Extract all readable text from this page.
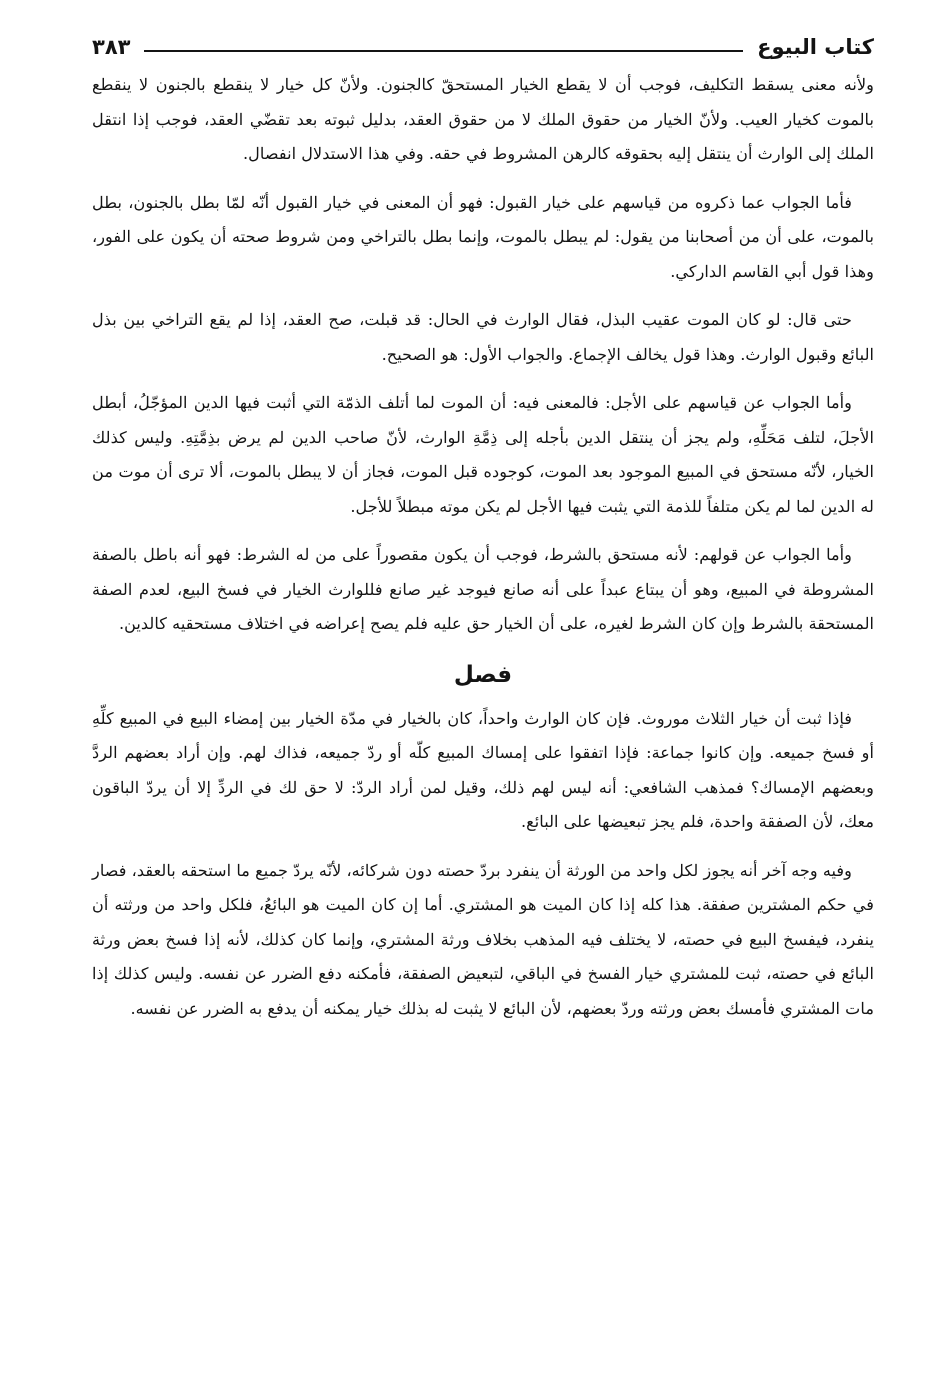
كتاب البيوع
٣٨٣

ولأنه معنى يسقط التكليف، فوجب أن لا يقطع الخيار المستحقّ كالجنون. ولأنّ كل خيار لا ينقطع بالجنون لا ينقطع بالموت كخيار العيب. ولأنّ الخيار من حقوق الملك لا من حقوق العقد، بدليل ثبوته بعد تقضّي العقد، فوجب إذا انتقل الملك إلى الوارث أن ينتقل إليه بحقوقه كالرهن المشروط في حقه. وفي هذا الاستدلال انفصال.

فأما الجواب عما ذكروه من قياسهم على خيار القبول: فهو أن المعنى في خيار القبول أنّه لمّا بطل بالجنون، بطل بالموت، على أن من أصحابنا من يقول: لم يبطل بالموت، وإنما بطل بالتراخي ومن شروط صحته أن يكون على الفور، وهذا قول أبي القاسم الداركي.

حتى قال: لو كان الموت عقيب البذل، فقال الوارث في الحال: قد قبلت، صح العقد، إذا لم يقع التراخي بين بذل البائع وقبول الوارث. وهذا قول يخالف الإجماع. والجواب الأول: هو الصحيح.

وأما الجواب عن قياسهم على الأجل: فالمعنى فيه: أن الموت لما أتلف الذمّة التي أثبت فيها الدين المؤجّلُ، أبطل الأجلَ، لتلف مَحَلِّهِ، ولم يجز أن ينتقل الدين بأجله إلى ذِمَّةِ الوارث، لأنّ صاحب الدين لم يرض بذِمَّتِهِ. وليس كذلك الخيار، لأنّه مستحق في المبيع الموجود بعد الموت، كوجوده قبل الموت، فجاز أن لا يبطل بالموت، ألا ترى أن موت من له الدين لما لم يكن متلفاً للذمة التي يثبت فيها الأجل لم يكن موته مبطلاً للأجل.

وأما الجواب عن قولهم: لأنه مستحق بالشرط، فوجب أن يكون مقصوراً على من له الشرط: فهو أنه باطل بالصفة المشروطة في المبيع، وهو أن يبتاع عبداً على أنه صانع فيوجد غير صانع فللوارث الخيار في فسخ البيع، لعدم الصفة المستحقة بالشرط وإن كان الشرط لغيره، على أن الخيار حق عليه فلم يصح إعراضه في اختلاف مستحقيه كالدين.

فصل

فإذا ثبت أن خيار الثلاث موروث. فإن كان الوارث واحداً، كان بالخيار في مدّة الخيار بين إمضاء البيع في المبيع كلِّهِ أو فسخ جميعه. وإن كانوا جماعة: فإذا اتفقوا على إمساك المبيع كلّه أو ردّ جميعه، فذاك لهم. وإن أراد بعضهم الردَّ وبعضهم الإمساك؟ فمذهب الشافعي: أنه ليس لهم ذلك، وقيل لمن أراد الردّ: لا حق لك في الردِّ إلا أن يردّ الباقون معك، لأن الصفقة واحدة، فلم يجز تبعيضها على البائع.

وفيه وجه آخر أنه يجوز لكل واحد من الورثة أن ينفرد بردّ حصته دون شركائه، لأنّه يردّ جميع ما استحقه بالعقد، فصار في حكم المشترين صفقة. هذا كله إذا كان الميت هو المشتري. أما إن كان الميت هو البائعُ، فلكل واحد من ورثته أن ينفرد، فيفسخ البيع في حصته، لا يختلف فيه المذهب بخلاف ورثة المشتري، وإنما كان كذلك، لأنه إذا فسخ بعض ورثة البائع في حصته، ثبت للمشتري خيار الفسخ في الباقي، لتبعيض الصفقة، فأمكنه دفع الضرر عن نفسه. وليس كذلك إذا مات المشتري فأمسك بعض ورثته وردّ بعضهم، لأن البائع لا يثبت له بذلك خيار يمكنه أن يدفع به الضرر عن نفسه.
